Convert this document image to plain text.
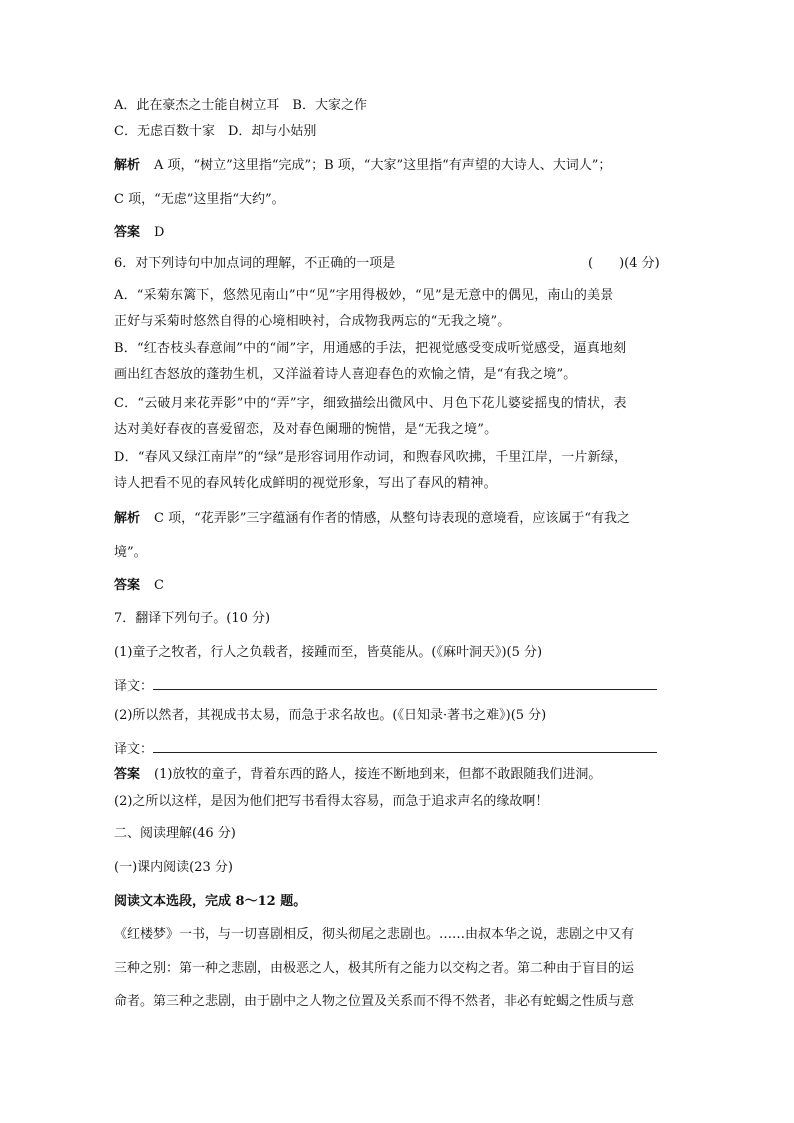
A．此在豪杰之士能自树立耳　B．大家之作
C．无虑百数十家　D．却与小姑别
解析 A 项，“树立”这里指“完成”；B 项，“大家”这里指“有声望的大诗人、大词人”；
C 项，“无虑”这里指“大约”。
答案 D
6．对下列诗句中加点词的理解，不正确的一项是	(　　)(4 分)
A．“采菊东篱下，悠然见南山”中“见”字用得极妙，“见”是无意中的偶见，南山的美景
正好与采菊时悠然自得的心境相映衬，合成物我两忘的“无我之境”。
B．“红杏枝头春意闹”中的“闹”字，用通感的手法，把视觉感受变成听觉感受，逼真地刻
画出红杏怒放的蓬勃生机，又洋溢着诗人喜迎春色的欢愉之情，是“有我之境”。
C．“云破月来花弄影”中的“弄”字，细致描绘出微风中、月色下花儿婆娑摇曳的情状，表
达对美好春夜的喜爱留恋，及对春色阑珊的惋惜，是“无我之境”。
D．“春风又绿江南岸”的“绿”是形容词用作动词，和煦春风吹拂，千里江岸，一片新绿，
诗人把看不见的春风转化成鲜明的视觉形象，写出了春风的精神。
解析 C 项，“花弄影”三字蕴涵有作者的情感，从整句诗表现的意境看，应该属于“有我之
境”。
答案 C
7．翻译下列句子。(10 分)
(1)童子之牧者，行人之负载者，接踵而至，皆莫能从。(《麻叶洞天》)(5 分)
译文：
(2)所以然者，其视成书太易，而急于求名故也。(《日知录·著书之难》)(5 分)
译文：
答案 (1)放牧的童子，背着东西的路人，接连不断地到来，但都不敢跟随我们进洞。
(2)之所以这样，是因为他们把写书看得太容易，而急于追求声名的缘故啊！
二、阅读理解(46 分)
(一)课内阅读(23 分)
阅读文本选段，完成 8～12 题。
《红楼梦》一书，与一切喜剧相反，彻头彻尾之悲剧也。……由叔本华之说，悲剧之中又有
三种之别：第一种之悲剧，由极恶之人，极其所有之能力以交构之者。第二种由于盲目的运
命者。第三种之悲剧，由于剧中之人物之位置及关系而不得不然者，非必有蛇蝎之性质与意
